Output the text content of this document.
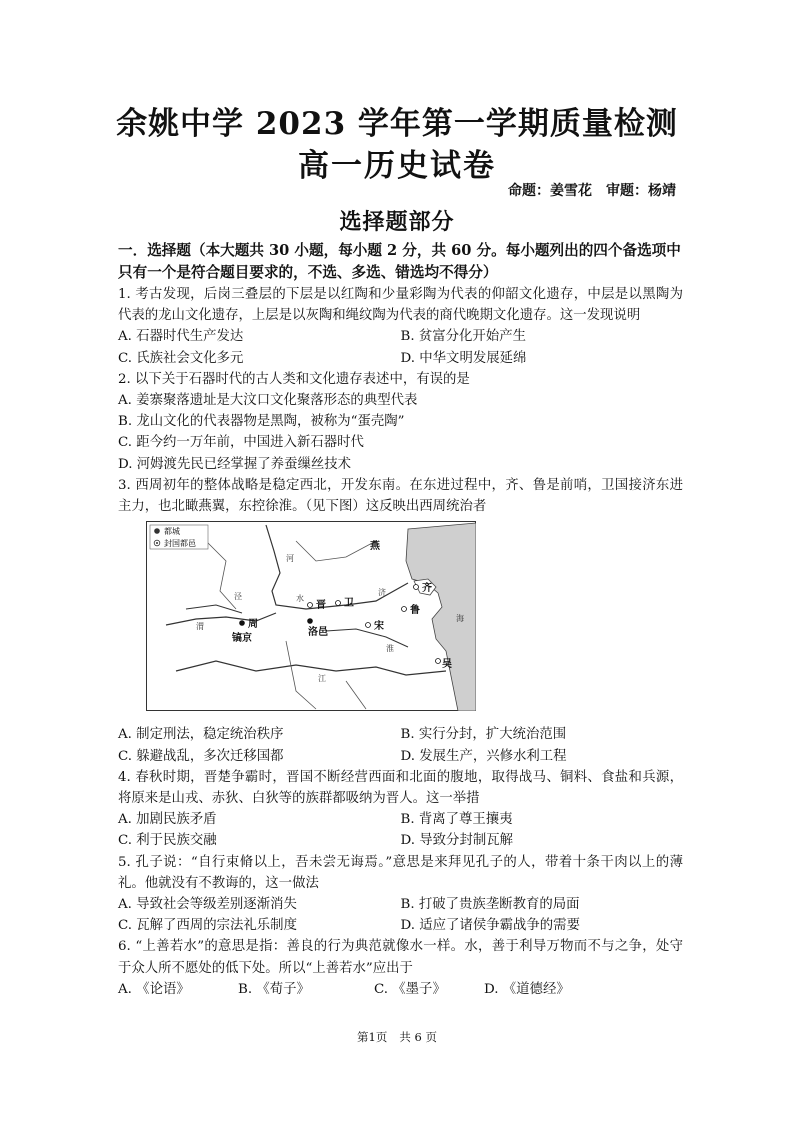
余姚中学 2023 学年第一学期质量检测
高一历史试卷
命题：姜雪花 审题：杨靖
选择题部分
一．选择题（本大题共 30 小题，每小题 2 分，共 60 分。每小题列出的四个备选项中只有一个是符合题目要求的，不选、多选、错选均不得分）
1. 考古发现，后岗三叠层的下层是以红陶和少量彩陶为代表的仰韶文化遗存，中层是以黑陶为代表的龙山文化遗存，上层是以灰陶和绳纹陶为代表的商代晚期文化遗存。这一发现说明
A. 石器时代生产发达	B. 贫富分化开始产生
C. 氏族社会文化多元	D. 中华文明发展延绵
2. 以下关于石器时代的古人类和文化遗存表述中，有误的是
A. 姜寨聚落遗址是大汶口文化聚落形态的典型代表
B. 龙山文化的代表器物是黑陶，被称为“蛋壳陶”
C. 距今约一万年前，中国进入新石器时代
D. 河姆渡先民已经掌握了养蚕缫丝技术
3. 西周初年的整体战略是稳定西北，开发东南。在东进过程中，齐、鲁是前哨，卫国接济东进主力，也北瞰燕翼，东控徐淮。（见下图）这反映出西周统治者
都城
封国都邑	燕
晋 卫
齐
鲁
宋
周
镐京
洛邑
吴
河
渭
泾	水
济
淮
江
海
A. 制定刑法，稳定统治秩序	B. 实行分封，扩大统治范围
C. 躲避战乱，多次迁移国都	D. 发展生产，兴修水利工程
4. 春秋时期，晋楚争霸时，晋国不断经营西面和北面的腹地，取得战马、铜料、食盐和兵源，将原来是山戎、赤狄、白狄等的族群都吸纳为晋人。这一举措
A. 加剧民族矛盾	B. 背离了尊王攘夷
C. 利于民族交融	D. 导致分封制瓦解
5. 孔子说：“自行束脩以上，吾未尝无诲焉。”意思是来拜见孔子的人，带着十条干肉以上的薄礼。他就没有不教诲的，这一做法
A. 导致社会等级差别逐渐消失	B. 打破了贵族垄断教育的局面
C. 瓦解了西周的宗法礼乐制度	D. 适应了诸侯争霸战争的需要
6. “上善若水”的意思是指：善良的行为典范就像水一样。水，善于利导万物而不与之争，处守于众人所不愿处的低下处。所以“上善若水”应出于
A. 《论语》	B. 《荀子》	C. 《墨子》	D. 《道德经》
第1页 共 6 页
